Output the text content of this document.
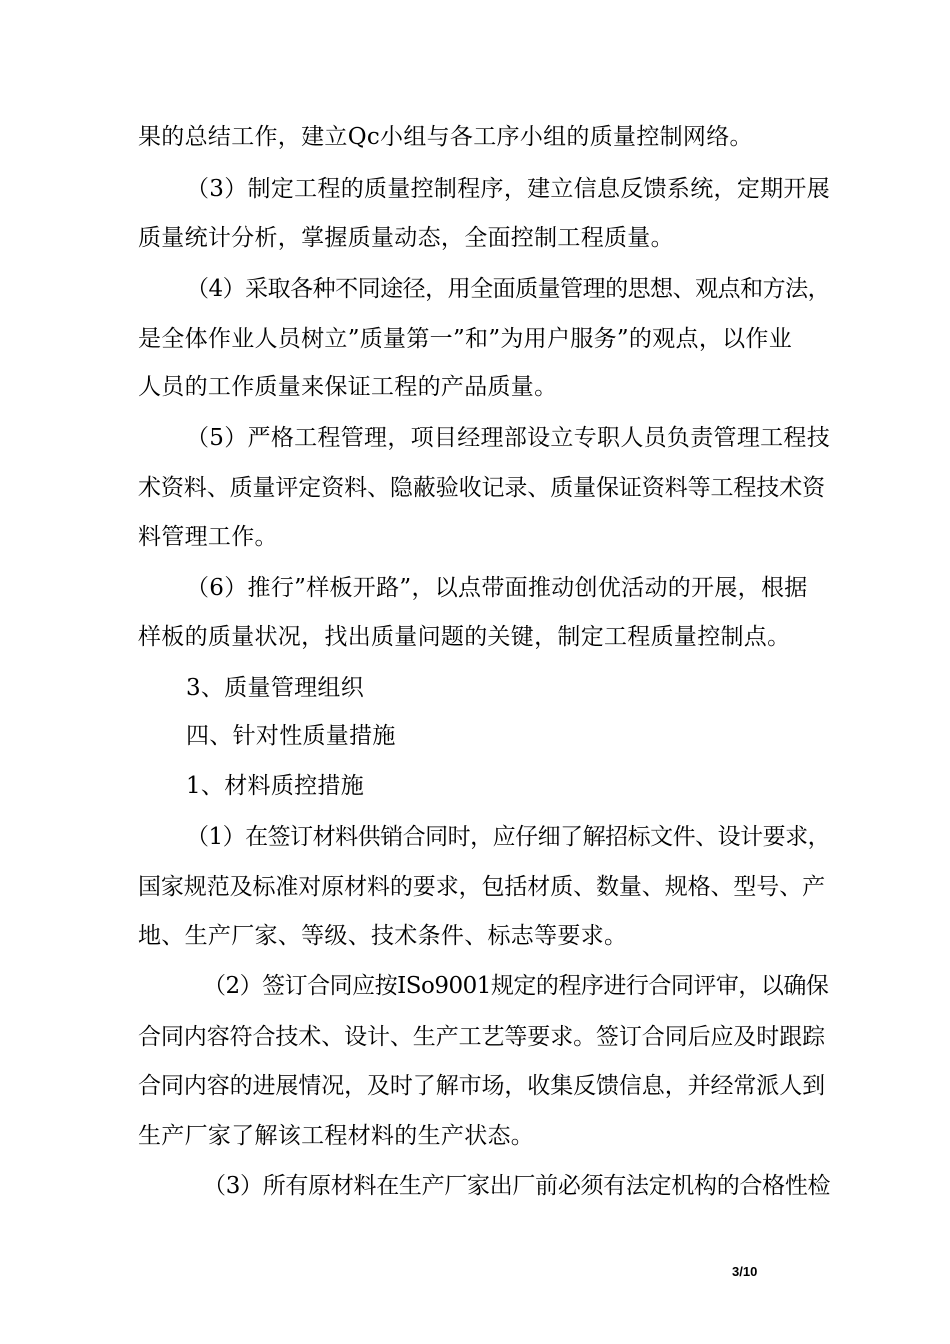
果的总结工作，建立Qc小组与各工序小组的质量控制网络。
（3）制定工程的质量控制程序，建立信息反馈系统，定期开展
质量统计分析，掌握质量动态，全面控制工程质量。
（4）采取各种不同途径，用全面质量管理的思想、观点和方法，
是全体作业人员树立”质量第一”和”为用户服务”的观点，以作业
人员的工作质量来保证工程的产品质量。
（5）严格工程管理，项目经理部设立专职人员负责管理工程技
术资料、质量评定资料、隐蔽验收记录、质量保证资料等工程技术资
料管理工作。
（6）推行”样板开路”，以点带面推动创优活动的开展，根据
样板的质量状况，找出质量问题的关键，制定工程质量控制点。
3、质量管理组织
四、针对性质量措施
1、材料质控措施
（1）在签订材料供销合同时，应仔细了解招标文件、设计要求，
国家规范及标准对原材料的要求，包括材质、数量、规格、型号、产
地、生产厂家、等级、技术条件、标志等要求。
（2）签订合同应按ISo9001规定的程序进行合同评审，以确保
合同内容符合技术、设计、生产工艺等要求。签订合同后应及时跟踪
合同内容的进展情况，及时了解市场，收集反馈信息，并经常派人到
生产厂家了解该工程材料的生产状态。
（3）所有原材料在生产厂家出厂前必须有法定机构的合格性检
3/10
